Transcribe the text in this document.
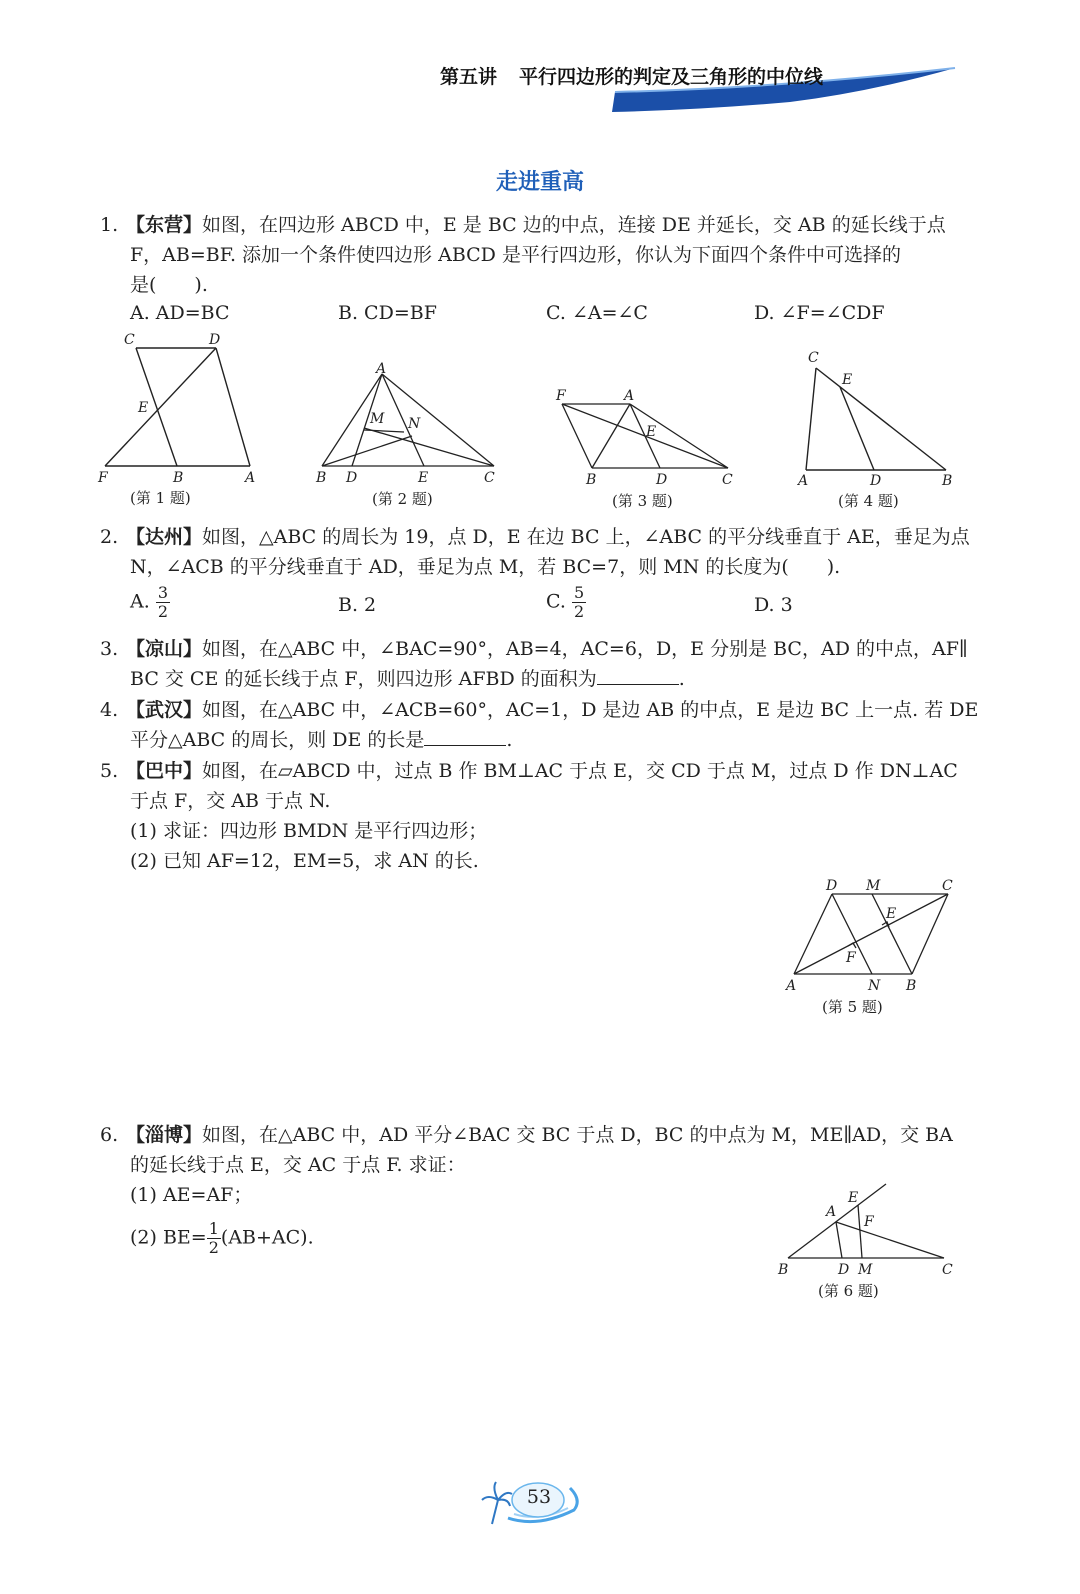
第五讲 平行四边形的判定及三角形的中位线
走进重高
1. 【东营】如图，在四边形 ABCD 中，E 是 BC 边的中点，连接 DE 并延长，交 AB 的延长线于点
F，AB=BF. 添加一个条件使四边形 ABCD 是平行四边形，你认为下面四个条件中可选择的
是(　　).
A. AD=BC	B. CD=BF	C. ∠A=∠C	D. ∠F=∠CDF
C	D
E
F	B	A
(第 1 题)
A
M N
B D	E	C
(第 2 题)
F	A
E
B	D	C
(第 3 题)
C
E
A	D	B
(第 4 题)
2. 【达州】如图，△ABC 的周长为 19，点 D，E 在边 BC 上，∠ABC 的平分线垂直于 AE，垂足为点
N，∠ACB 的平分线垂直于 AD，垂足为点 M，若 BC=7，则 MN 的长度为(　　).
A. $\frac{3}{2}$	B. 2	C. $\frac{5}{2}$	D. 3
3. 【凉山】如图，在△ABC 中，∠BAC=90°，AB=4，AC=6，D，E 分别是 BC，AD 的中点，AF∥
BC 交 CE 的延长线于点 F，则四边形 AFBD 的面积为	.
4. 【武汉】如图，在△ABC 中，∠ACB=60°，AC=1，D 是边 AB 的中点，E 是边 BC 上一点. 若 DE
平分△ABC 的周长，则 DE 的长是	.
5. 【巴中】如图，在▱ABCD 中，过点 B 作 BM⊥AC 于点 E，交 CD 于点 M，过点 D 作 DN⊥AC
于点 F，交 AB 于点 N.
(1) 求证：四边形 BMDN 是平行四边形；
(2) 已知 AF=12，EM=5，求 AN 的长.
D M	C
E
F
A	N B
(第 5 题)
6. 【淄博】如图，在△ABC 中，AD 平分∠BAC 交 BC 于点 D，BC 的中点为 M，ME∥AD，交 BA
的延长线于点 E，交 AC 于点 F. 求证：
(1) AE=AF；
(2) $BE= \frac{1}{2} (AB+AC)$.
E
A
F
B	D M	C
(第 6 题)
53
